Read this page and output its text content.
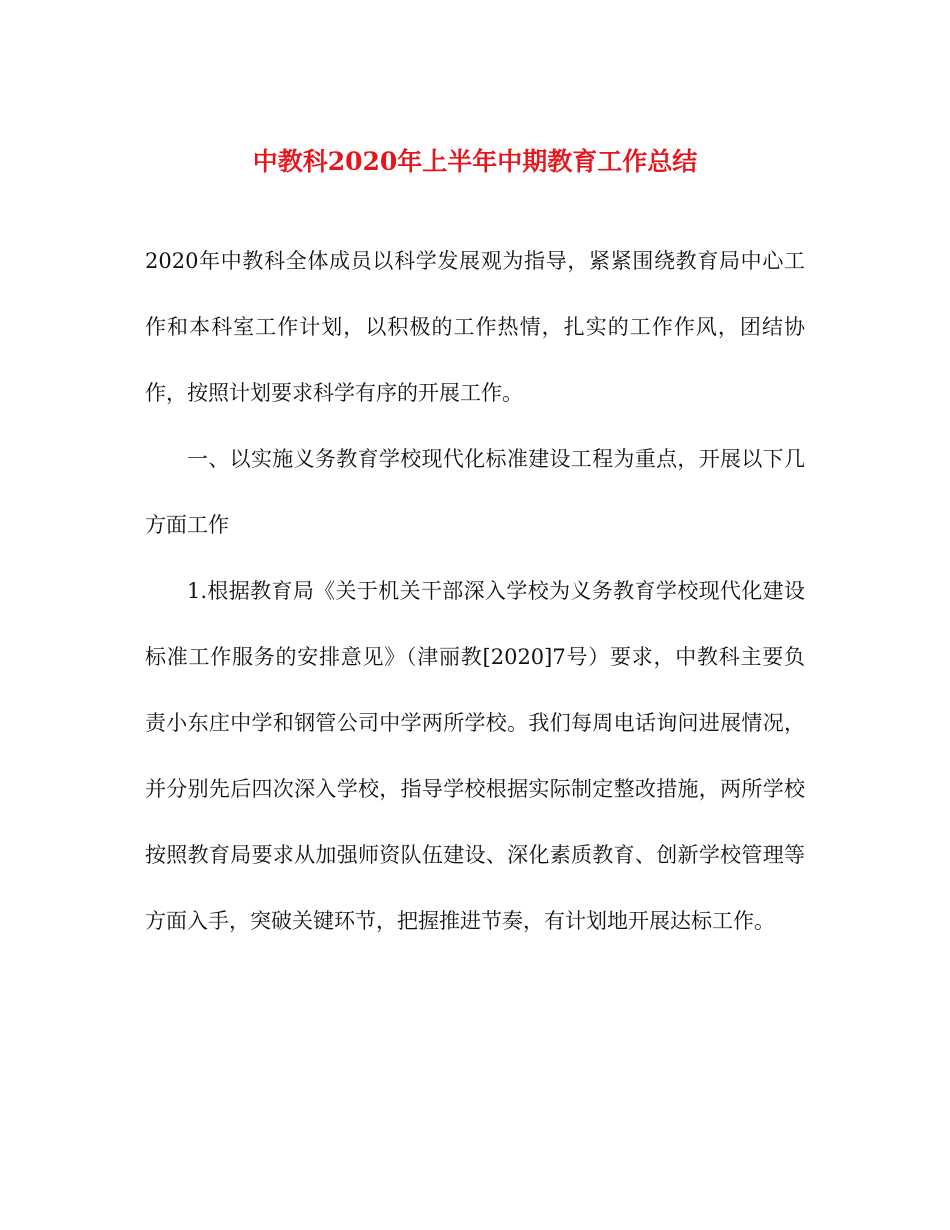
中教科2020年上半年中期教育工作总结

2020年中教科全体成员以科学发展观为指导，紧紧围绕教育局中心工作和本科室工作计划，以积极的工作热情，扎实的工作作风，团结协作，按照计划要求科学有序的开展工作。

一、以实施义务教育学校现代化标准建设工程为重点，开展以下几方面工作

1.根据教育局《关于机关干部深入学校为义务教育学校现代化建设标准工作服务的安排意见》（津丽教[2020]7号）要求，中教科主要负责小东庄中学和钢管公司中学两所学校。我们每周电话询问进展情况，并分别先后四次深入学校，指导学校根据实际制定整改措施，两所学校按照教育局要求从加强师资队伍建设、深化素质教育、创新学校管理等方面入手，突破关键环节，把握推进节奏，有计划地开展达标工作。
